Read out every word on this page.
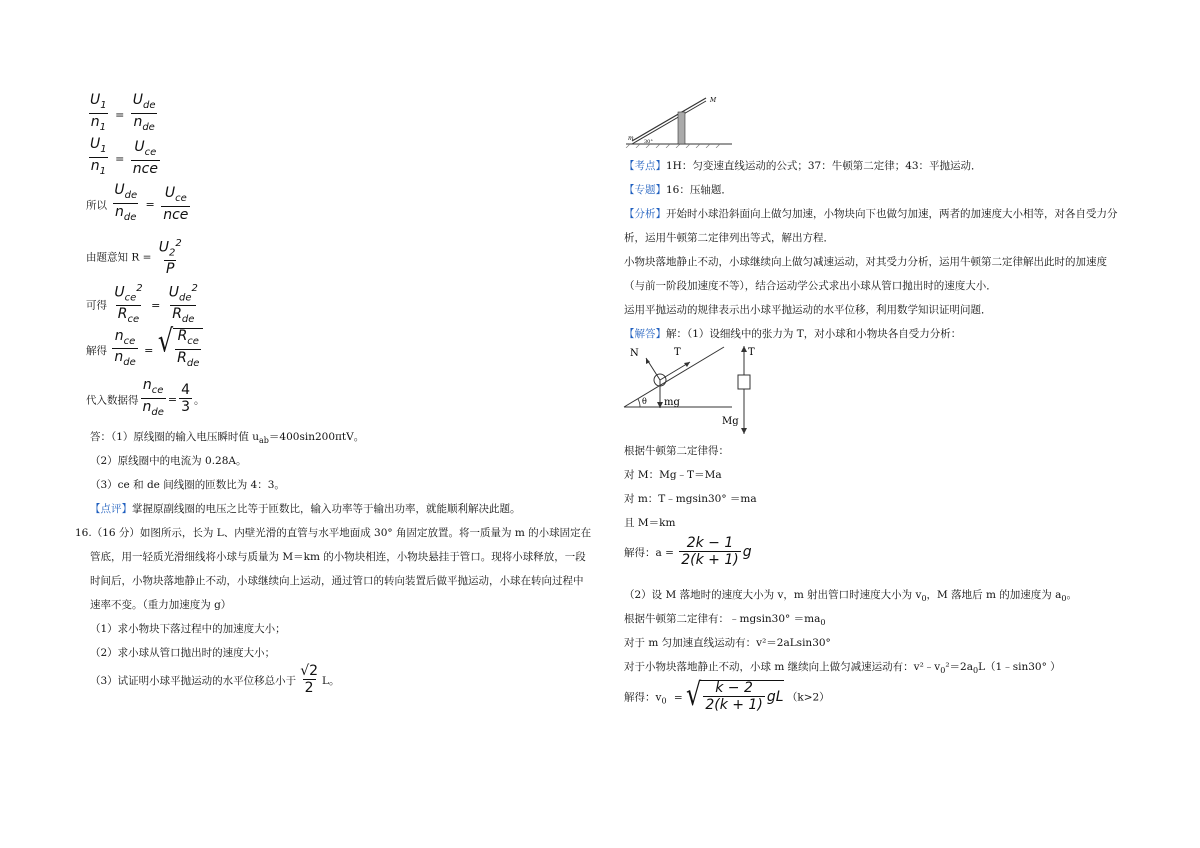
$\frac{U_1}{n_1} = \frac{U_{de}}{n_{de}}$
$\frac{U_1}{n_1} = \frac{U_{ce}}{\text{nce}}$
所以 $\frac{U_{de}}{n_{de}} = \frac{U_{ce}}{\text{nce}}$
由题意知 $R = \frac{U_2^2}{P}$
可得 $\frac{U_{ce}^2}{R_{ce}} = \frac{U_{de}^2}{R_{de}}$
解得 $\frac{n_{ce}}{n_{de}}$ = √ $\frac{R_{ce}}{R_{de}}$
代入数据得 $\frac{n_{ce}}{n_{de}} = \frac{4}{3}$ 。
答：（1）原线圈的输入电压瞬时值 $u_{ab}=400\sin 200\pi tV$。
（2）原线圈中的电流为 0.28A。
（3）ce 和 de 间线圈的匝数比为 4：3。
【点评】掌握原副线圈的电压之比等于匝数比，输入功率等于输出功率，就能顺利解决此题。
16.（16 分）如图所示，长为 L、内壁光滑的直管与水平地面成 30° 角固定放置。将一质量为 m 的小球固定在
管底，用一轻质光滑细线将小球与质量为 M＝km 的小物块相连，小物块悬挂于管口。现将小球释放，一段
时间后，小物块落地静止不动，小球继续向上运动，通过管口的转向装置后做平抛运动，小球在转向过程中
速率不变。（重力加速度为 g）
（1）求小物块下落过程中的加速度大小；
（2）求小球从管口抛出时的速度大小；
（3）试证明小球平抛运动的水平位移总小于 $\frac{√2}{2}$ L。
M
m 30°
【考点】1H：匀变速直线运动的公式；37：牛顿第二定律；43：平抛运动．
【专题】16：压轴题．
【分析】开始时小球沿斜面向上做匀加速，小物块向下也做匀加速，两者的加速度大小相等，对各自受力分
析，运用牛顿第二定律列出等式，解出方程．
小物块落地静止不动，小球继续向上做匀减速运动，对其受力分析，运用牛顿第二定律解出此时的加速度
（与前一阶段加速度不等），结合运动学公式求出小球从管口抛出时的速度大小．
运用平抛运动的规律表示出小球平抛运动的水平位移，利用数学知识证明问题．
【解答】解：（1）设细线中的张力为 T，对小球和小物块各自受力分析：
N	T
θ mg
T
Mg
根据牛顿第二定律得：
对 M：Mg﹣T＝Ma
对 m：T﹣mgsin30° ＝ma
且 M＝km
解得：$a = \frac{2k - 1}{2(k + 1)}$ g
（2）设 M 落地时的速度大小为 v，m 射出管口时速度大小为 $v_0$，M 落地后 m 的加速度为 $a_0$。
根据牛顿第二定律有：﹣mgsin30° $=ma_0$
对于 m 匀加速直线运动有：v²＝2aLsin30°
对于小物块落地静止不动，小球 m 继续向上做匀减速运动有：$v^2﹣v_0^2=2a_0L(1﹣\sin 30^\circ$ ）
解得：$v_0$ = √ $\frac{k - 2}{2(k + 1)}$ gL （k>2）
